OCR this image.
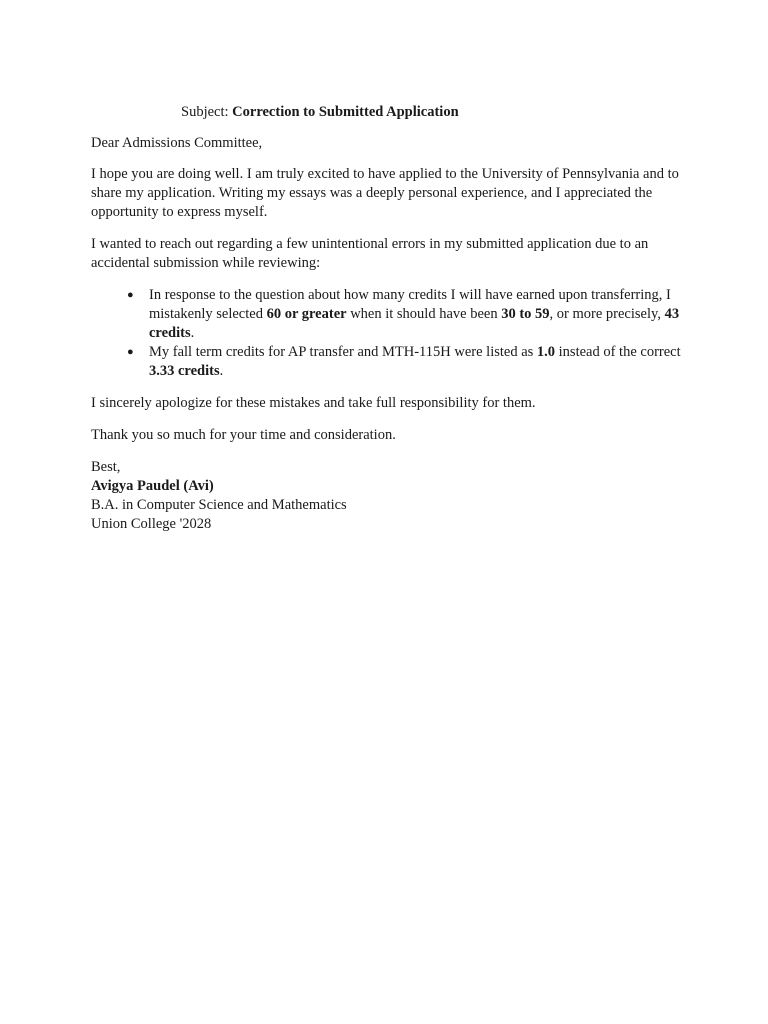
Subject: Correction to Submitted Application

Dear Admissions Committee,

I hope you are doing well. I am truly excited to have applied to the University of Pennsylvania and to share my application. Writing my essays was a deeply personal experience, and I appreciated the opportunity to express myself.

I wanted to reach out regarding a few unintentional errors in my submitted application due to an accidental submission while reviewing:

● In response to the question about how many credits I will have earned upon transferring, I mistakenly selected 60 or greater when it should have been 30 to 59, or more precisely, 43 credits.
● My fall term credits for AP transfer and MTH-115H were listed as 1.0 instead of the correct 3.33 credits.

I sincerely apologize for these mistakes and take full responsibility for them.

Thank you so much for your time and consideration.

Best,

Avigya Paudel (Avi)

B.A. in Computer Science and Mathematics

Union College '2028
